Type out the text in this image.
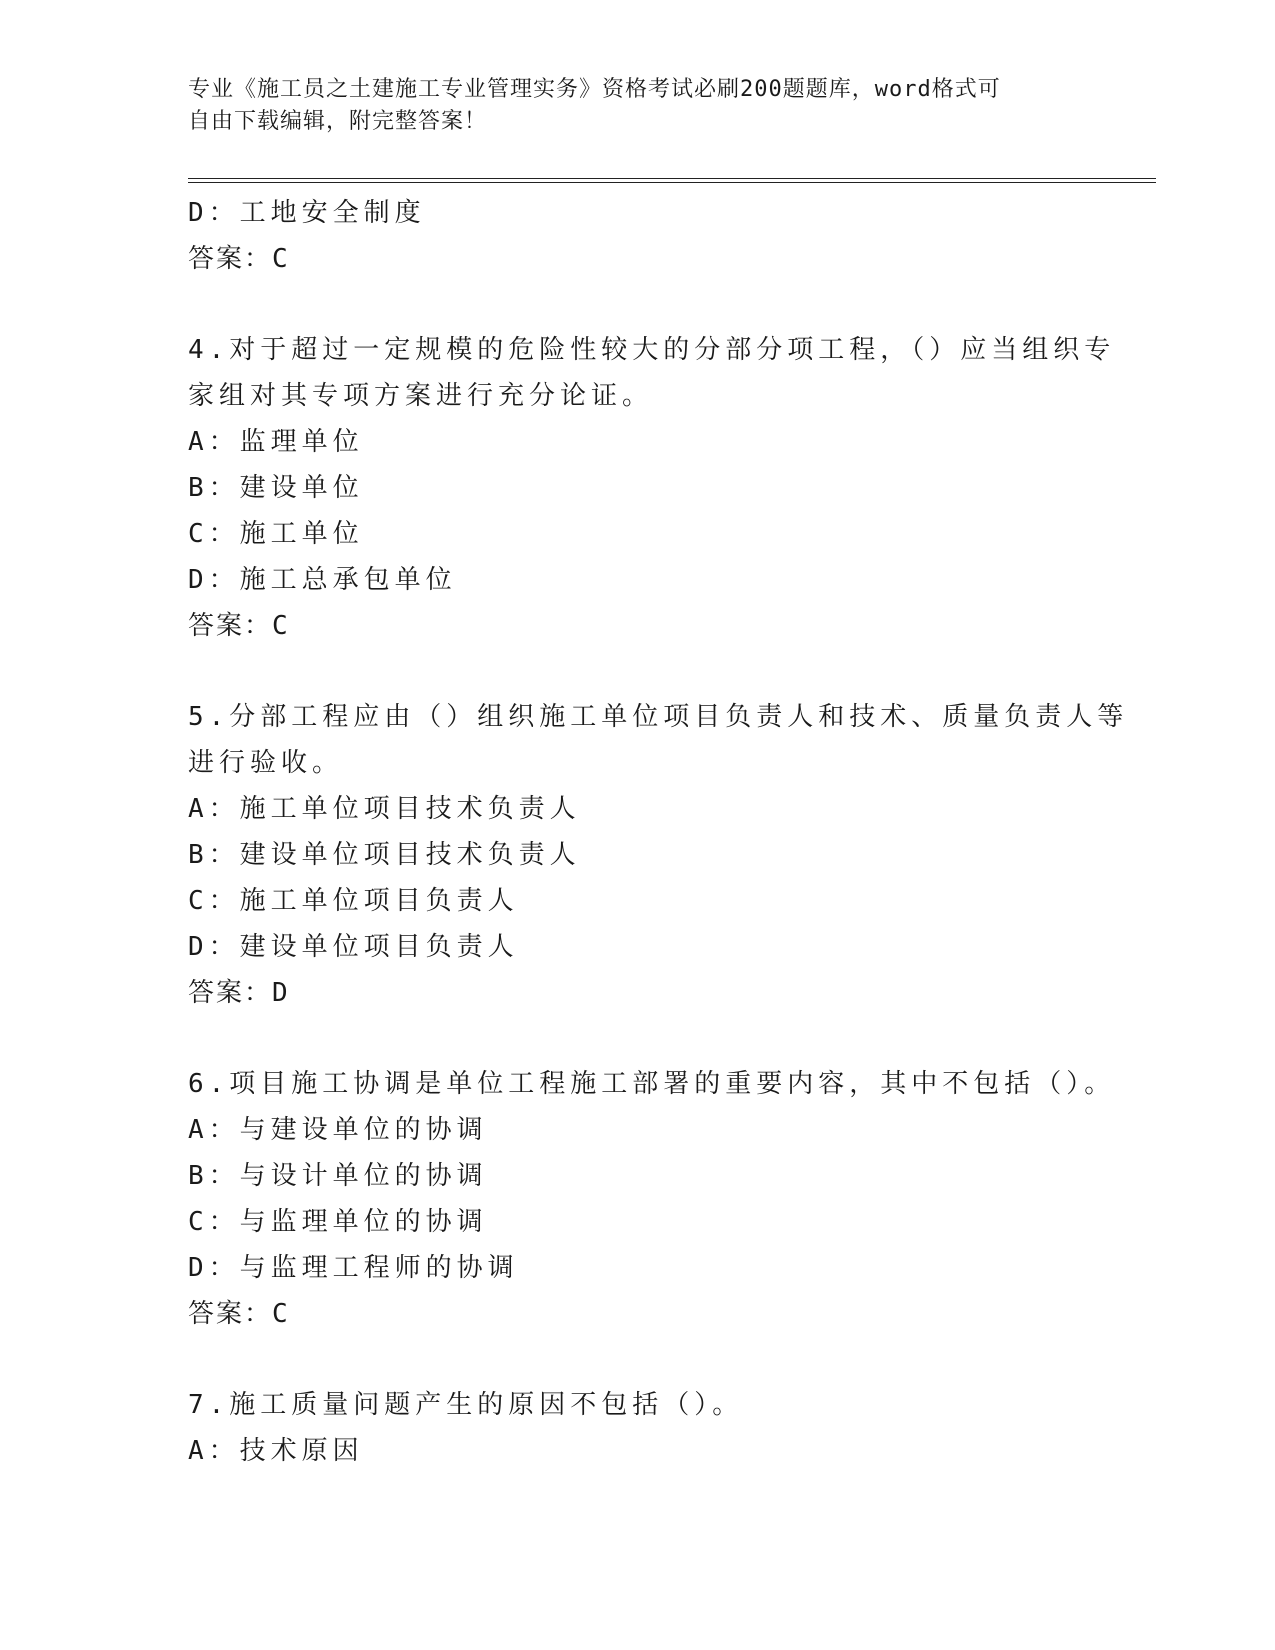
专业《施工员之土建施工专业管理实务》资格考试必刷200题题库，word格式可
自由下载编辑，附完整答案！
D：工地安全制度
答案：C
4.对于超过一定规模的危险性较大的分部分项工程，（）应当组织专
家组对其专项方案进行充分论证。
A：监理单位
B：建设单位
C：施工单位
D：施工总承包单位
答案：C
5.分部工程应由（）组织施工单位项目负责人和技术、质量负责人等
进行验收。
A：施工单位项目技术负责人
B：建设单位项目技术负责人
C：施工单位项目负责人
D：建设单位项目负责人
答案：D
6.项目施工协调是单位工程施工部署的重要内容，其中不包括（）。
A：与建设单位的协调
B：与设计单位的协调
C：与监理单位的协调
D：与监理工程师的协调
答案：C
7.施工质量问题产生的原因不包括（）。
A：技术原因
